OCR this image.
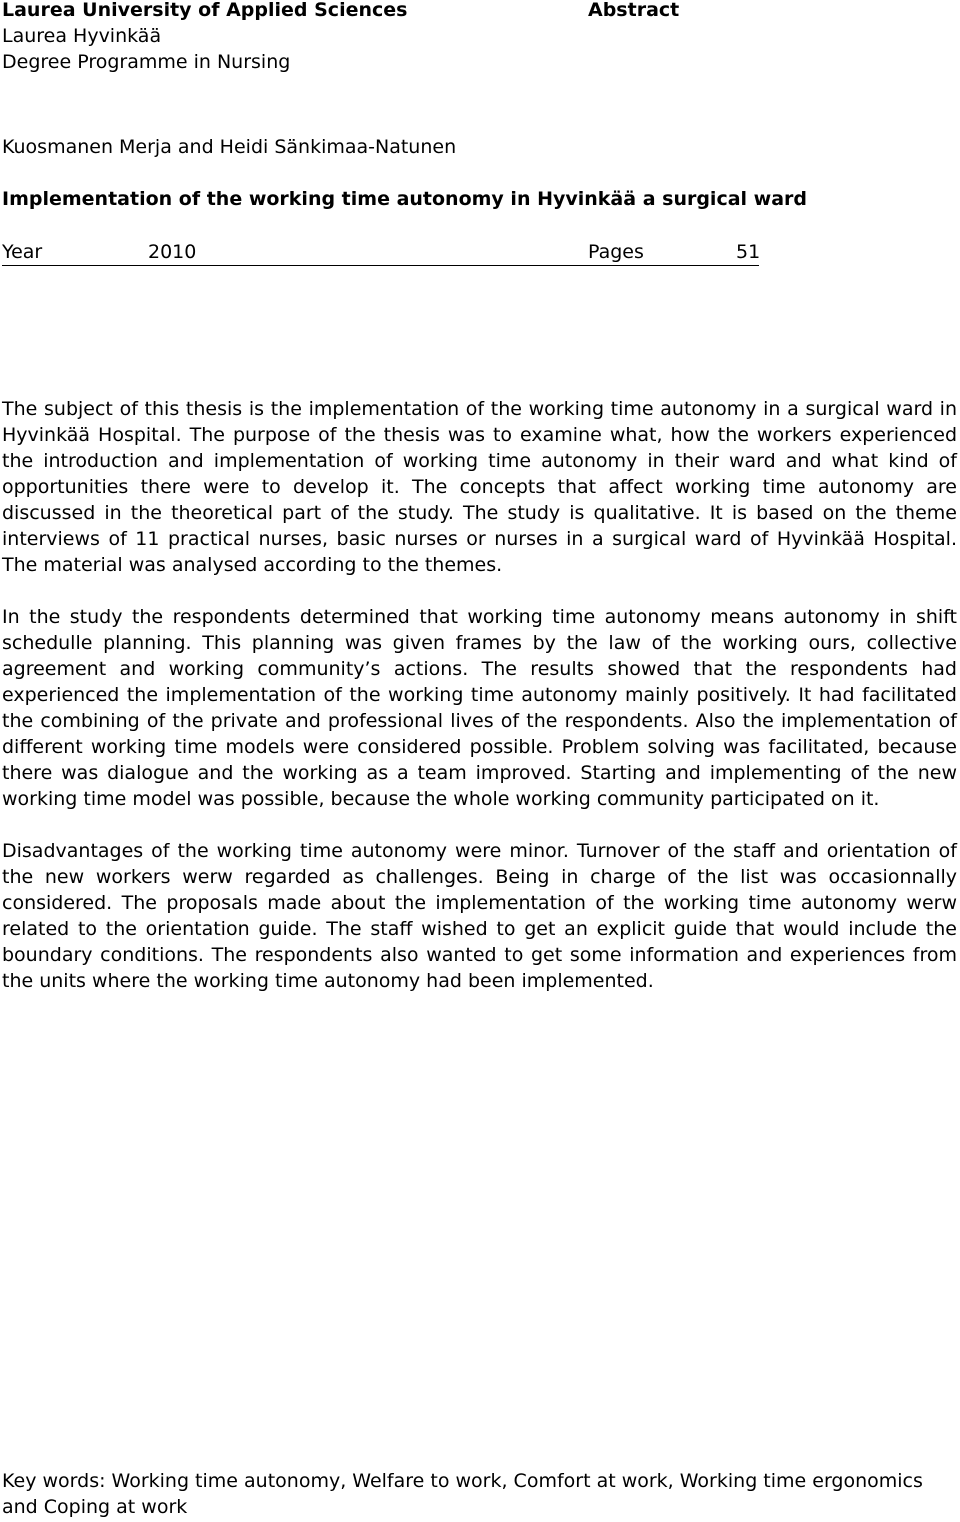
Laurea University of Applied Sciences	Abstract
Laurea Hyvinkää
Degree Programme in Nursing
Kuosmanen Merja and Heidi Sänkimaa-Natunen
Implementation of the working time autonomy in Hyvinkää a surgical ward
Year	2010	Pages	51

The subject of this thesis is the implementation of the working time autonomy in a surgical ward in Hyvinkää Hospital. The purpose of the thesis was to examine what, how the workers experienced the introduction and implementation of working time autonomy in their ward and what kind of opportunities there were to develop it. The concepts that affect working time autonomy are discussed in the theoretical part of the study. The study is qualitative. It is based on the theme interviews of 11 practical nurses, basic nurses or nurses in a surgical ward of Hyvinkää Hospital. The material was analysed according to the themes.

In the study the respondents determined that working time autonomy means autonomy in shift schedulle planning. This planning was given frames by the law of the working ours, collective agreement and working community’s actions. The results showed that the respondents had experienced the implementation of the working time autonomy mainly positively. It had facilitated the combining of the private and professional lives of the respondents. Also the implementation of different working time models were considered possible. Problem solving was facilitated, because there was dialogue and the working as a team improved. Starting and implementing of the new working time model was possible, because the whole working community participated on it.

Disadvantages of the working time autonomy were minor. Turnover of the staff and orientation of the new workers werw regarded as challenges. Being in charge of the list was occasionnally considered. The proposals made about the implementation of the working time autonomy werw related to the orientation guide. The staff wished to get an explicit guide that would include the boundary conditions. The respondents also wanted to get some information and experiences from the units where the working time autonomy had been implemented.

Key words: Working time autonomy, Welfare to work, Comfort at work, Working time ergonomics and Coping at work
